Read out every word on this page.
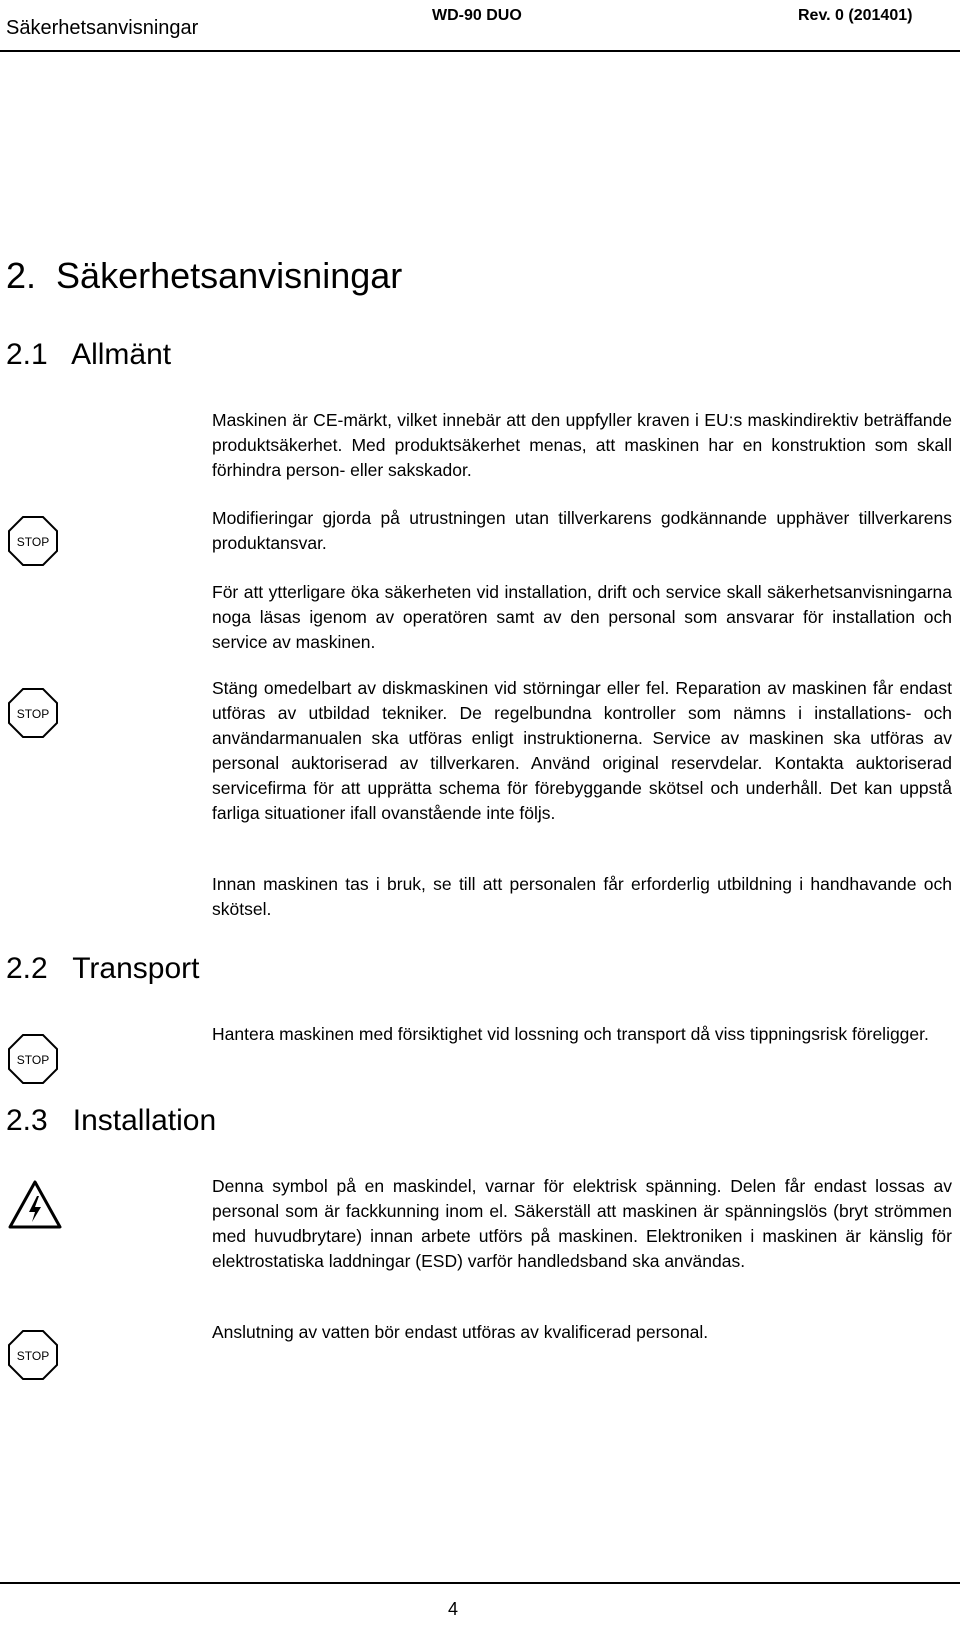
Säkerhetsanvisningar
WD-90 DUO	Rev. 0 (201401)
2. Säkerhetsanvisningar
2.1 Allmänt

Maskinen är CE-märkt, vilket innebär att den uppfyller kraven i EU:s maskindirektiv beträffande produktsäkerhet. Med produktsäkerhet menas, att maskinen har en konstruktion som skall förhindra person- eller sakskador.

STOP

Modifieringar gjorda på utrustningen utan tillverkarens godkännande upphäver tillverkarens produktansvar.

För att ytterligare öka säkerheten vid installation, drift och service skall säkerhetsanvisningarna noga läsas igenom av operatören samt av den personal som ansvarar för installation och service av maskinen.

STOP

Stäng omedelbart av diskmaskinen vid störningar eller fel. Reparation av maskinen får endast utföras av utbildad tekniker. De regelbundna kontroller som nämns i installations- och användarmanualen ska utföras enligt instruktionerna. Service av maskinen ska utföras av personal auktoriserad av tillverkaren. Använd original reservdelar. Kontakta auktoriserad servicefirma för att upprätta schema för förebyggande skötsel och underhåll. Det kan uppstå farliga situationer ifall ovanstående inte följs.

Innan maskinen tas i bruk, se till att personalen får erforderlig utbildning i handhavande och skötsel.

2.2 Transport
STOP

Hantera maskinen med försiktighet vid lossning och transport då viss tippningsrisk föreligger.

2.3 Installation

Denna symbol på en maskindel, varnar för elektrisk spänning. Delen får endast lossas av personal som är fackkunning inom el. Säkerställ att maskinen är spänningslös (bryt strömmen med huvudbrytare) innan arbete utförs på maskinen. Elektroniken i maskinen är känslig för elektrostatiska laddningar (ESD) varför handledsband ska användas.

STOP

Anslutning av vatten bör endast utföras av kvalificerad personal.

4
